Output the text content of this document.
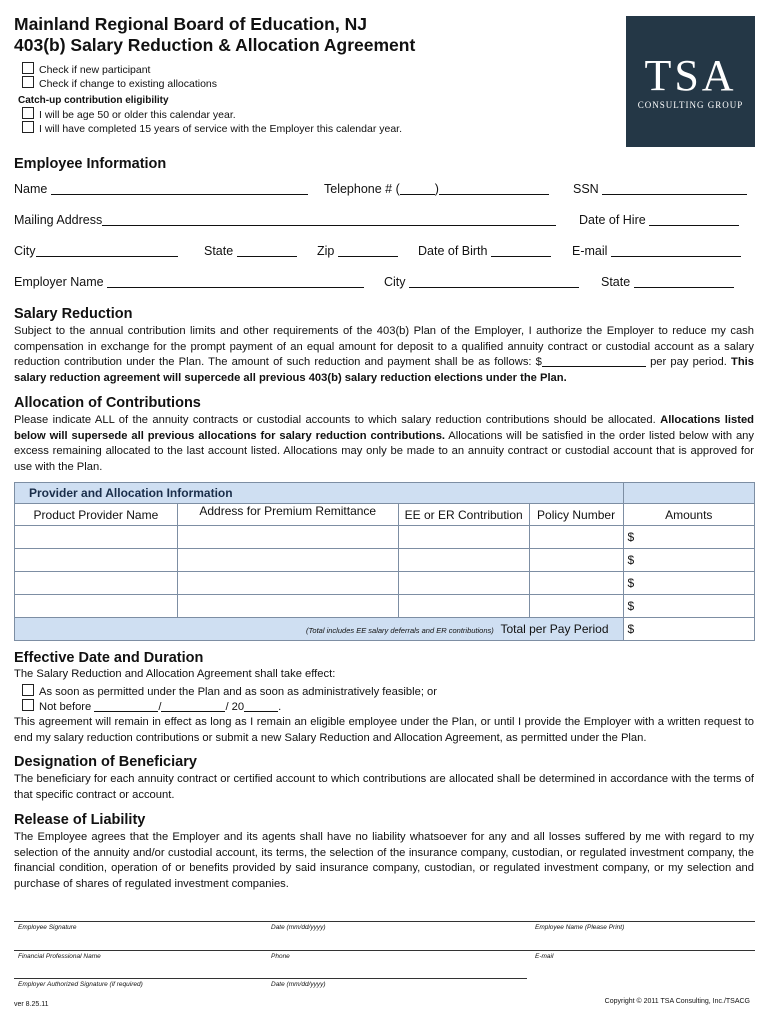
Mainland Regional Board of Education, NJ
403(b) Salary Reduction & Allocation Agreement
Check if new participant
Check if change to existing allocations
Catch-up contribution eligibility
I will be age 50 or older this calendar year.
I will have completed 15 years of service with the Employer this calendar year.
TSA
CONSULTING GROUP
Employee Information
Name	Telephone # (	)	SSN
Mailing Address	Date of Hire
City	State	Zip	Date of Birth	E-mail
Employer Name	City	State
Salary Reduction
Subject to the annual contribution limits and other requirements of the 403(b) Plan of the Employer, I authorize the Employer to reduce my cash compensation in exchange for the prompt payment of an equal amount for deposit to a qualified annuity contract or custodial account as a salary reduction contribution under the Plan. The amount of such reduction and payment shall be as follows: $	per pay period. This salary reduction agreement will supercede all previous 403(b) salary reduction elections under the Plan.
Allocation of Contributions
Please indicate ALL of the annuity contracts or custodial accounts to which salary reduction contributions should be allocated. Allocations listed below will supersede all previous allocations for salary reduction contributions. Allocations will be satisfied in the order listed below with any excess remaining allocated to the last account listed. Allocations may only be made to an annuity contract or custodial account that is approved for use with the Plan.
Provider and Allocation Information				
Product Provider Name	Address for Premium Remittance	EE or ER Contribution	Policy Number	Amounts
				$
				$
				$
				$
(Total includes EE salary deferrals and ER contributions) Total per Pay Period				$
Effective Date and Duration
The Salary Reduction and Allocation Agreement shall take effect:
As soon as permitted under the Plan and as soon as administratively feasible; or
Not before	/	/ 20	.
This agreement will remain in effect as long as I remain an eligible employee under the Plan, or until I provide the Employer with a written request to end my salary reduction contributions or submit a new Salary Reduction and Allocation Agreement, as permitted under the Plan.
Designation of Beneficiary
The beneficiary for each annuity contract or certified account to which contributions are allocated shall be determined in accordance with the terms of that specific contract or account.
Release of Liability
The Employee agrees that the Employer and its agents shall have no liability whatsoever for any and all losses suffered by me with regard to my selection of the annuity and/or custodial account, its terms, the selection of the insurance company, custodian, or regulated investment company, the financial condition, operation of or benefits provided by said insurance company, custodian, or regulated investment company, or my selection and purchase of shares of regulated investment companies.
Employee Signature	Date (mm/dd/yyyy)	Employee Name (Please Print)
Financial Professional Name	Phone	E-mail
Employer Authorized Signature (if required)	Date (mm/dd/yyyy)
ver 8.25.11	Copyright © 2011 TSA Consulting, Inc./TSACG
